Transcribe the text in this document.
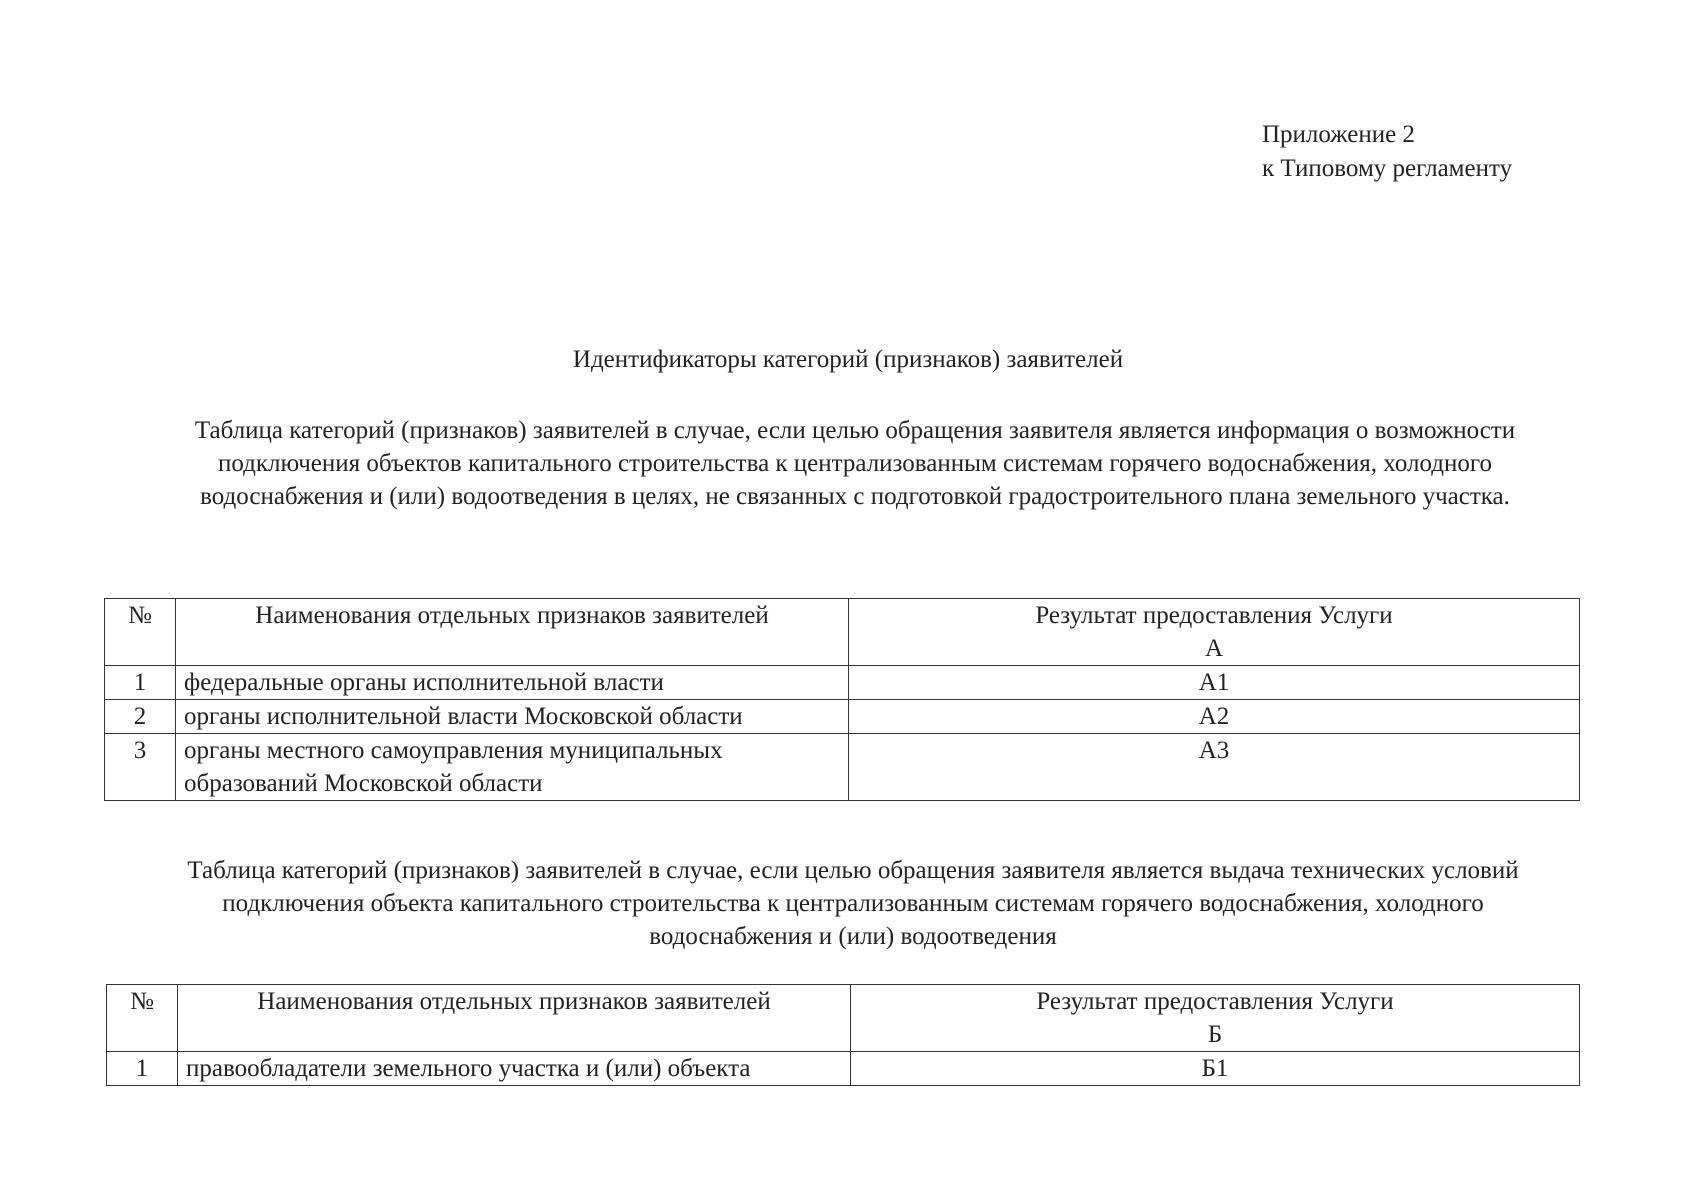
Приложение 2
к Типовому регламенту
Идентификаторы категорий (признаков) заявителей
Таблица категорий (признаков) заявителей в случае, если целью обращения заявителя является информация о возможности подключения объектов капитального строительства к централизованным системам горячего водоснабжения, холодного водоснабжения и (или) водоотведения в целях, не связанных с подготовкой градостроительного плана земельного участка.
№	Наименования отдельных признаков заявителей	Результат предоставления Услуги
А

1	федеральные органы исполнительной власти	А1
2	органы исполнительной власти Московской области	А2
3	органы местного самоуправления муниципальных образований Московской области	А3
Таблица категорий (признаков) заявителей в случае, если целью обращения заявителя является выдача технических условий подключения объекта капитального строительства к централизованным системам горячего водоснабжения, холодного водоснабжения и (или) водоотведения
№	Наименования отдельных признаков заявителей	Результат предоставления Услуги
Б

1	правообладатели земельного участка и (или) объекта	Б1
